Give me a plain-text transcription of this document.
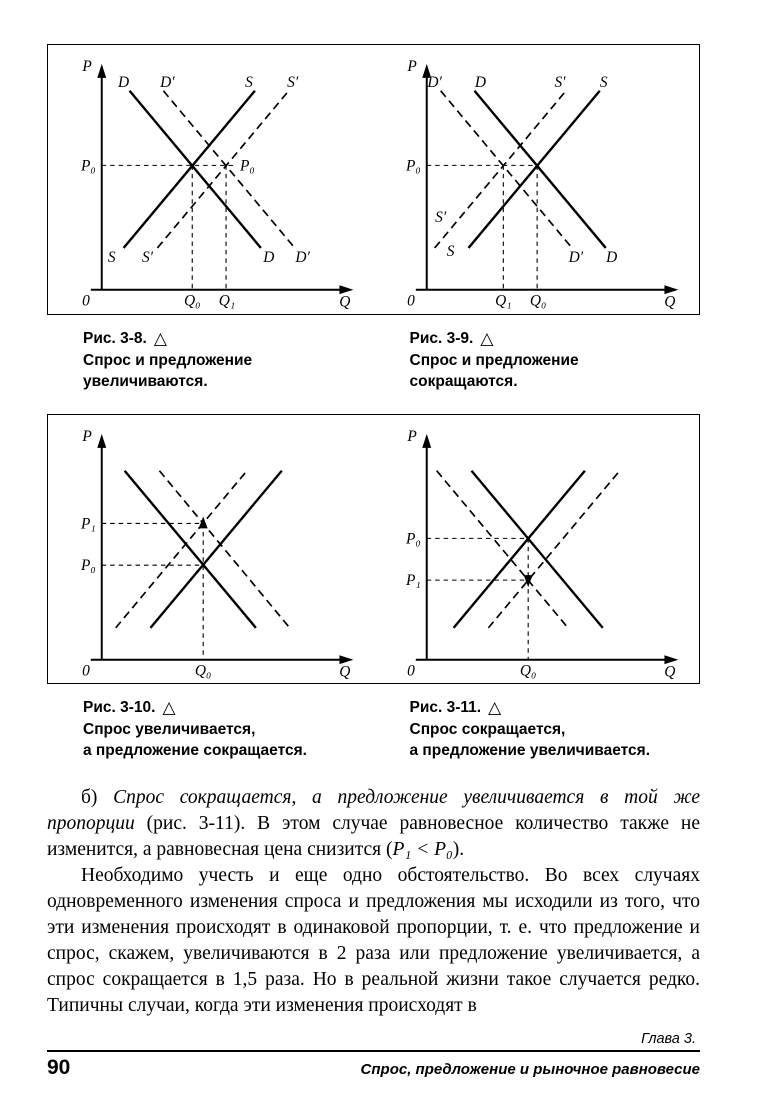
P
Q
0
D D′	S S′
S S′	D D′
P₀	P₀
Q₀ Q₁
P
Q
0
D′ D	S′ S
S′
S	D′ D
P₀
Q₁ Q₀
Рис. 3-8. △
Спрос и предложение
увеличиваются.
Рис. 3-9. △
Спрос и предложение
сокращаются.
P
Q
0
P₁
P₀
Q₀
P
Q
0
P₀
P₁
Q₀
Рис. 3-10. △
Спрос увеличивается,
а предложение сокращается.
Рис. 3-11. △
Спрос сокращается,
а предложение увеличивается.

б) Спрос сокращается, а предложение увеличивается в той же пропорции (рис. 3-11). В этом случае равновесное количество также не изменится, а равновесная цена снизится (P₁ < P₀).

Необходимо учесть и еще одно обстоятельство. Во всех случаях одновременного изменения спроса и предложения мы исходили из того, что эти изменения происходят в одинаковой пропорции, т. е. что предложение и спрос, скажем, увеличиваются в 2 раза или предложение увеличивается, а спрос сокращается в 1,5 раза. Но в реальной жизни такое случается редко. Типичны случаи, когда эти изменения происходят в

Глава 3.
90	Спрос, предложение и рыночное равновесие
